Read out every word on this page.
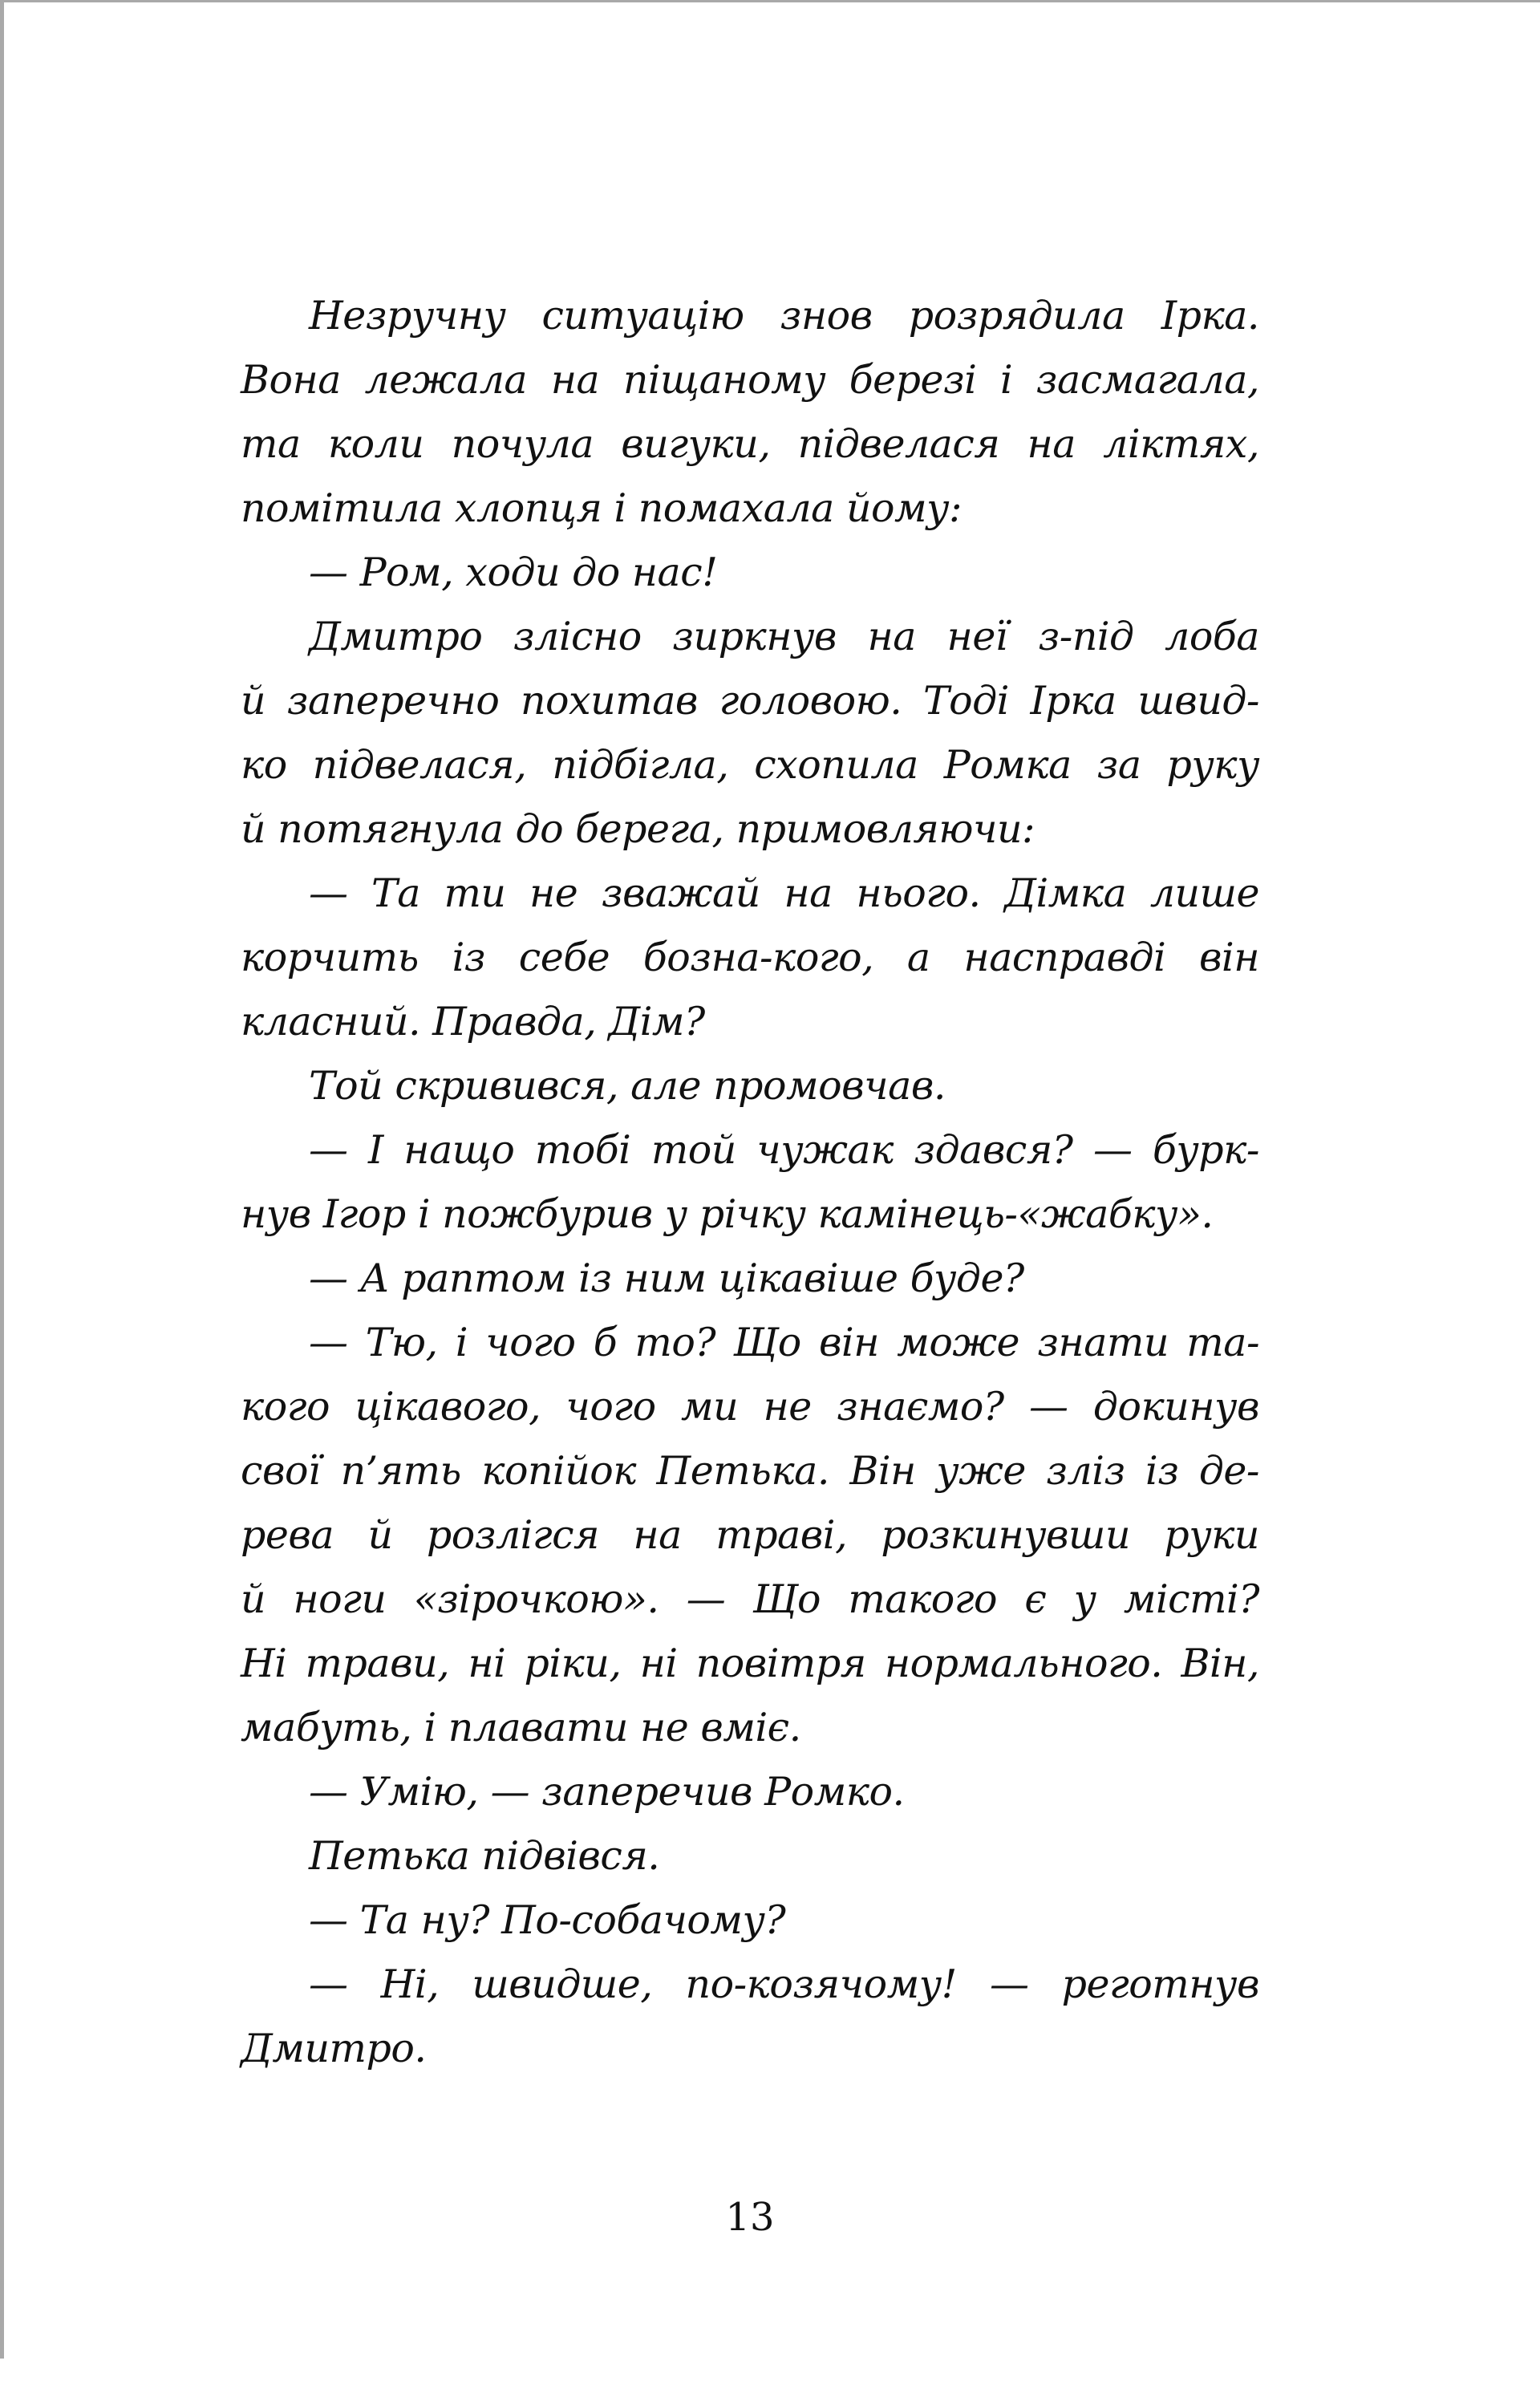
Незручну ситуацію знов розрядила Ірка.

Вона лежала на піщаному березі і засмагала,

та коли почула вигуки, підвелася на ліктях,

помітила хлопця і помахала йому:

— Ром, ходи до нас!

Дмитро злісно зиркнув на неї з-під лоба

й заперечно похитав головою. Тоді Ірка швид-

ко підвелася, підбігла, схопила Ромка за руку

й потягнула до берега, примовляючи:

— Та ти не зважай на нього. Дімка лише

корчить із себе бозна-кого, а насправді він

класний. Правда, Дім?

Той скривився, але промовчав.

— І нащо тобі той чужак здався? — бурк-

нув Ігор і пожбурив у річку камінець-«жабку».

— А раптом із ним цікавіше буде?

— Тю, і чого б то? Що він може знати та-

кого цікавого, чого ми не знаємо? — докинув

свої п’ять копійок Петька. Він уже зліз із де-

рева й розлігся на траві, розкинувши руки

й ноги «зірочкою». — Що такого є у місті?

Ні трави, ні ріки, ні повітря нормального. Він,

мабуть, і плавати не вміє.

— Умію, — заперечив Ромко.

Петька підвівся.

— Та ну? По-собачому?

— Ні, швидше, по-козячому! — реготнув

Дмитро.

13
